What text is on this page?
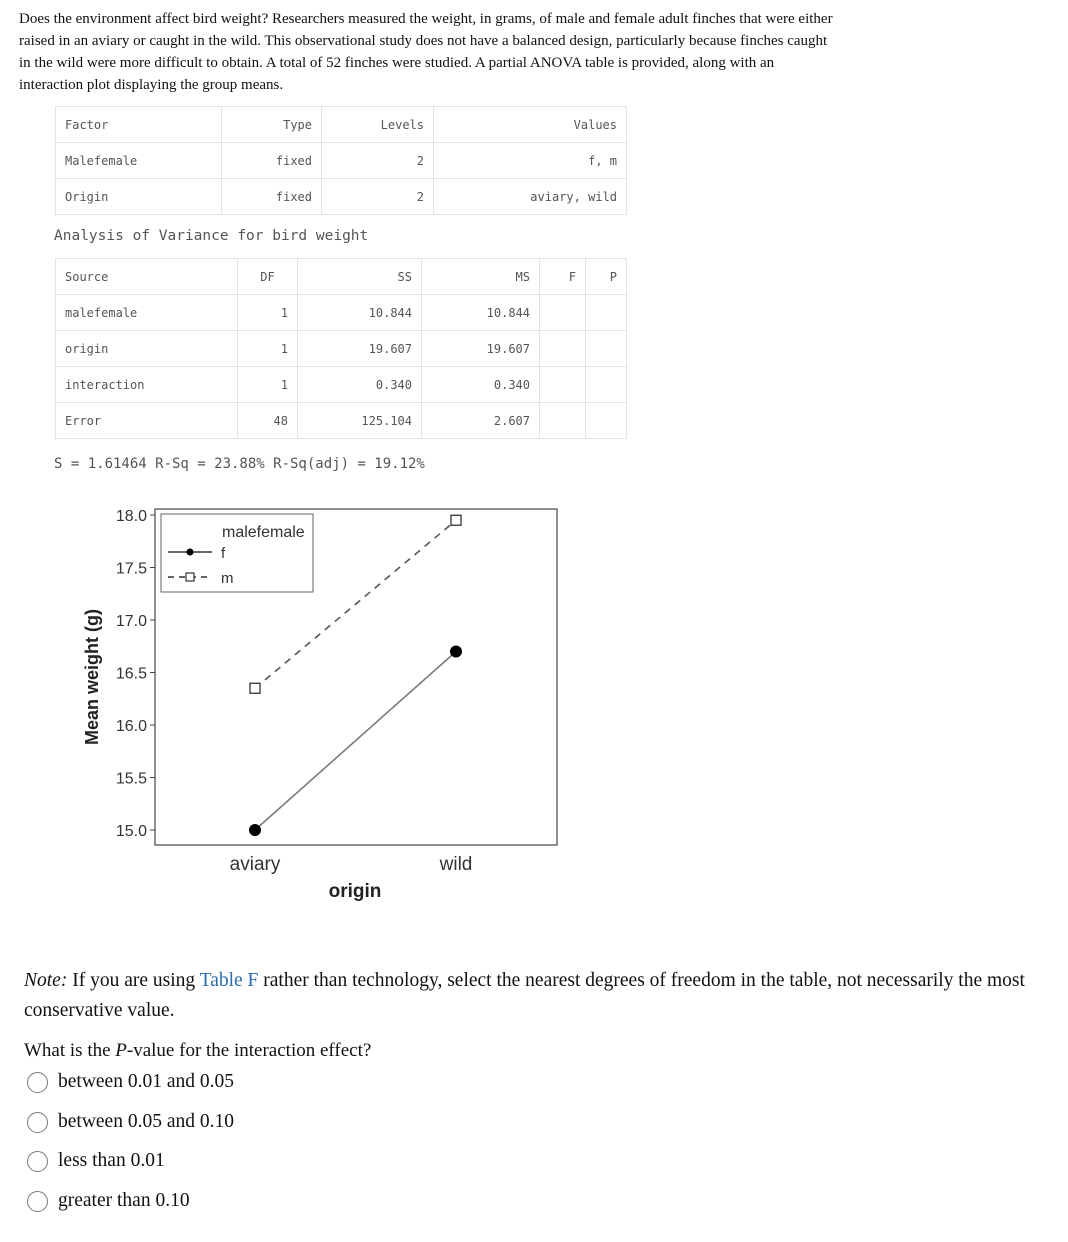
Does the environment affect bird weight? Researchers measured the weight, in grams, of male and female adult finches that were either raised in an aviary or caught in the wild. This observational study does not have a balanced design, particularly because finches caught in the wild were more difficult to obtain. A total of 52 finches were studied. A partial ANOVA table is provided, along with an interaction plot displaying the group means.
Factor	Type	Levels	Values
Malefemale	fixed	2	f, m
Origin	fixed	2	aviary, wild
Analysis of Variance for bird weight
Source	DF	SS	MS	F	P
malefemale	1	10.844	10.844		
origin	1	19.607	19.607		
interaction	1	0.340	0.340		
Error	48	125.104	2.607		
S = 1.61464 R-Sq = 23.88% R-Sq(adj) = 19.12%
15.0
15.5
16.0
16.5
17.0
17.5
18.0
aviary	wild
Mean weight (g)
origin
malefemale
f
m
Note: If you are using Table F rather than technology, select the nearest degrees of freedom in the table, not necessarily the most conservative value.
What is the P-value for the interaction effect?
between 0.01 and 0.05
between 0.05 and 0.10
less than 0.01
greater than 0.10
